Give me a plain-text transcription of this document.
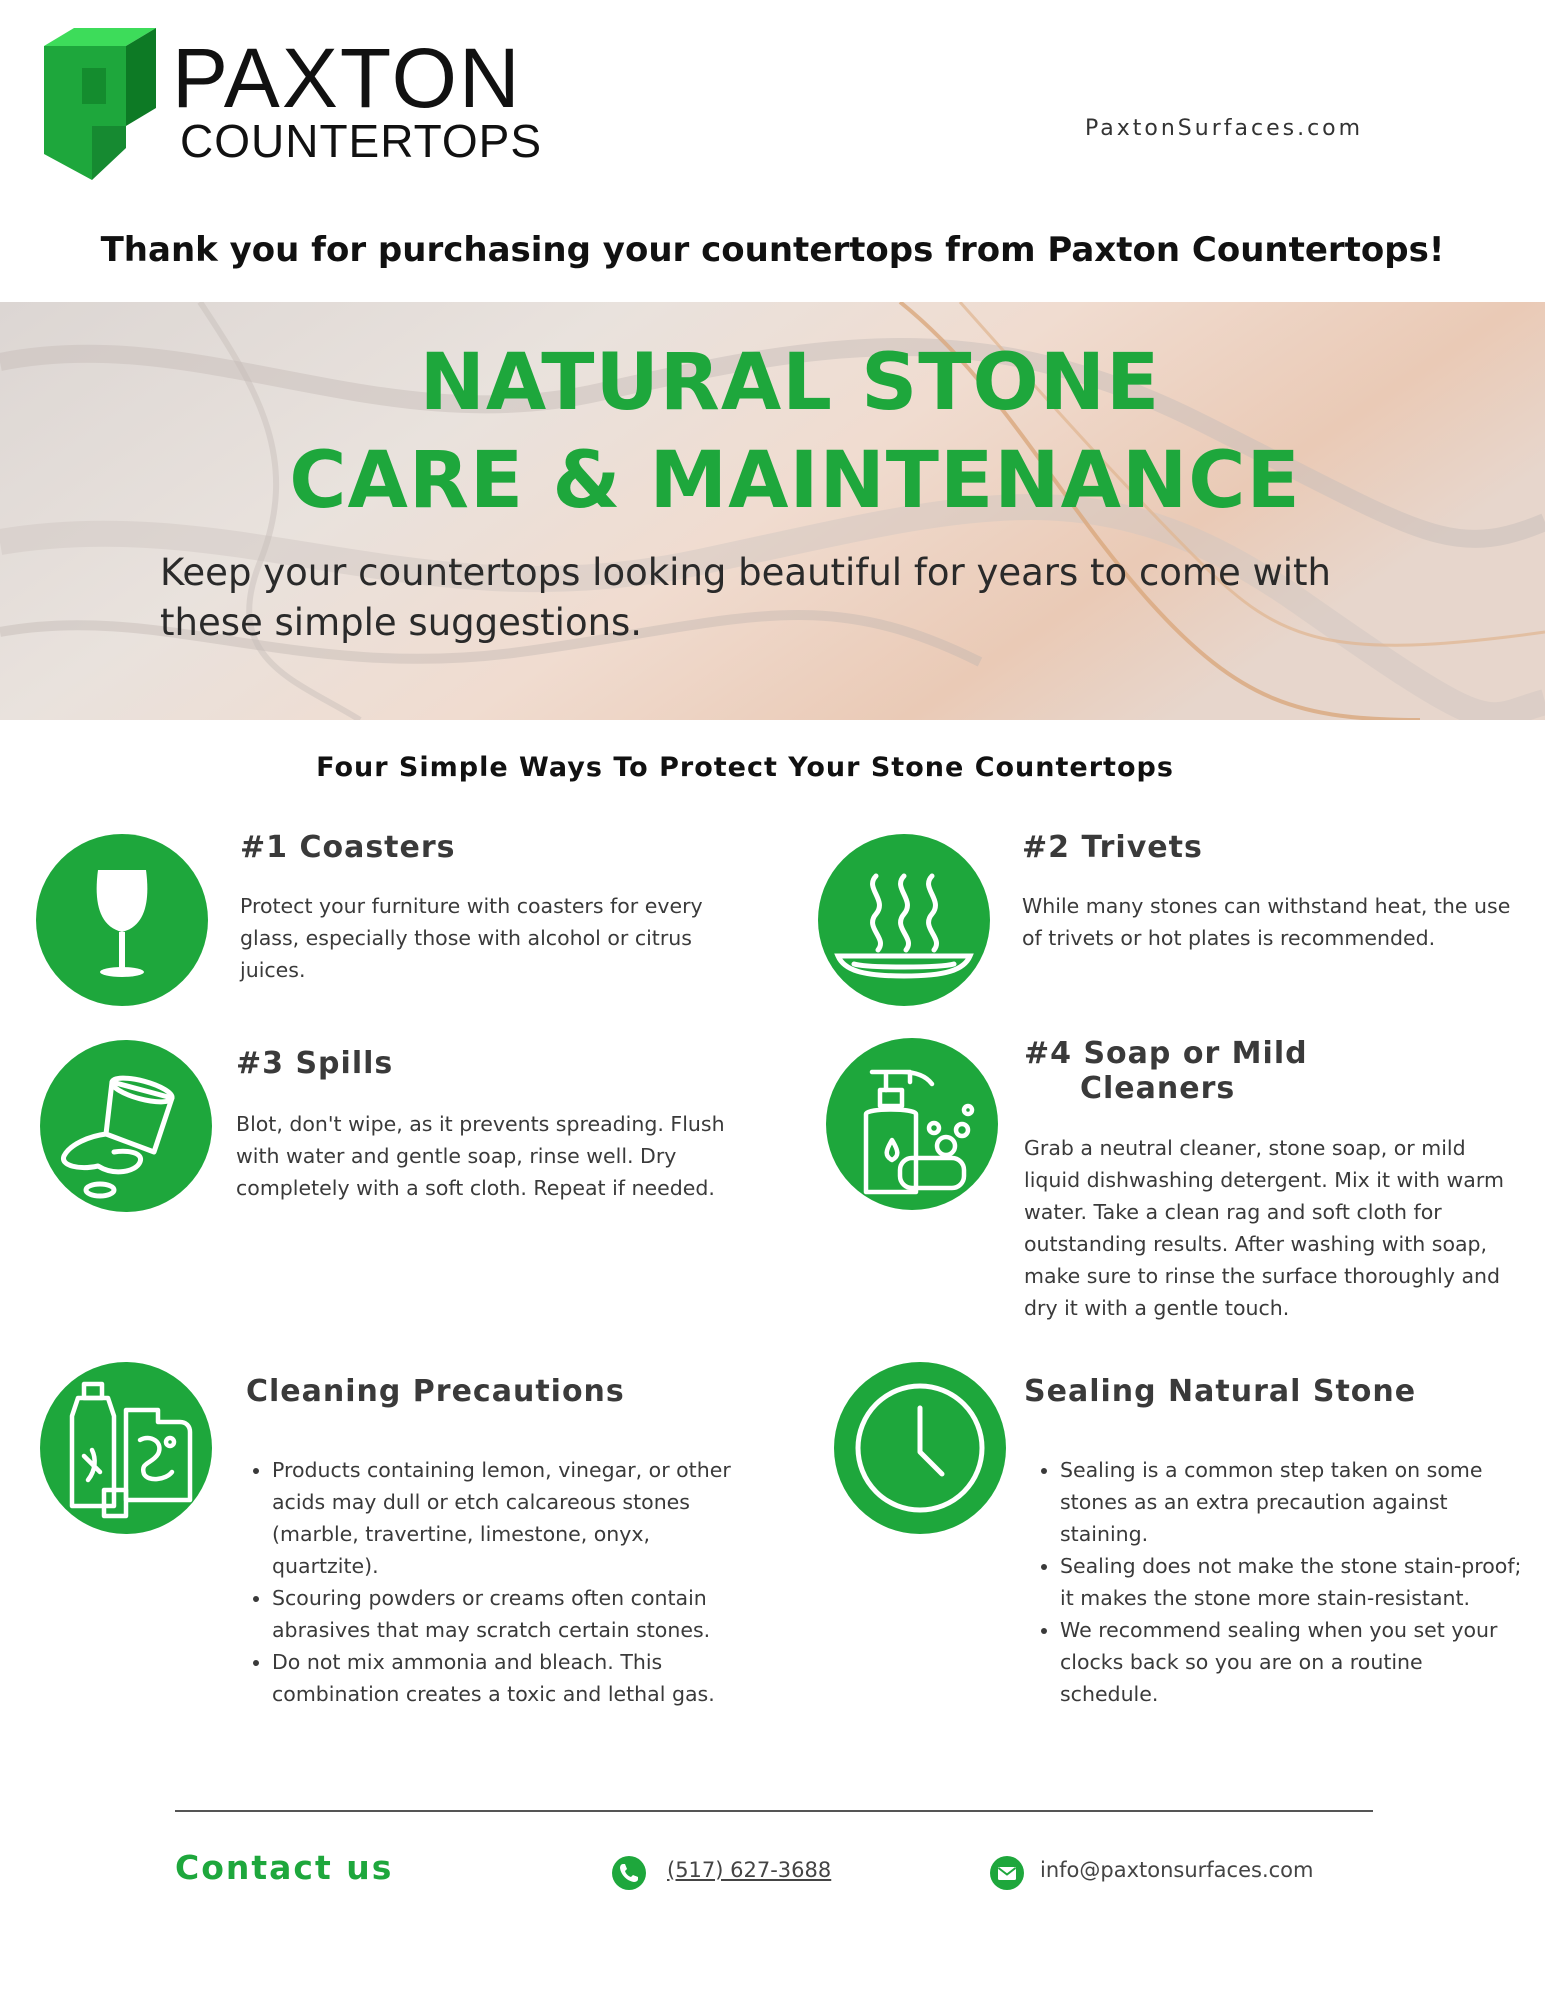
PAXTON
COUNTERTOPS	PaxtonSurfaces.com
Thank you for purchasing your countertops from Paxton Countertops!
NATURAL STONE
CARE & MAINTENANCE
Keep your countertops looking beautiful for years to come with these simple suggestions.
Four Simple Ways To Protect Your Stone Countertops
#1 Coasters
Protect your furniture with coasters for every glass, especially those with alcohol or citrus juices.
#2 Trivets
While many stones can withstand heat, the use of trivets or hot plates is recommended.
#3 Spills
Blot, don't wipe, as it prevents spreading. Flush with water and gentle soap, rinse well. Dry completely with a soft cloth. Repeat if needed.
#4 Soap or Mild
Cleaners
Grab a neutral cleaner, stone soap, or mild liquid dishwashing detergent. Mix it with warm water. Take a clean rag and soft cloth for outstanding results. After washing with soap, make sure to rinse the surface thoroughly and dry it with a gentle touch.
Cleaning Precautions
• Products containing lemon, vinegar, or other acids may dull or etch calcareous stones (marble, travertine, limestone, onyx, quartzite).
• Scouring powders or creams often contain abrasives that may scratch certain stones.
• Do not mix ammonia and bleach. This combination creates a toxic and lethal gas.
Sealing Natural Stone
• Sealing is a common step taken on some stones as an extra precaution against staining.
• Sealing does not make the stone stain-proof; it makes the stone more stain-resistant.
• We recommend sealing when you set your clocks back so you are on a routine schedule.
Contact us	(517) 627-3688	info@paxtonsurfaces.com
